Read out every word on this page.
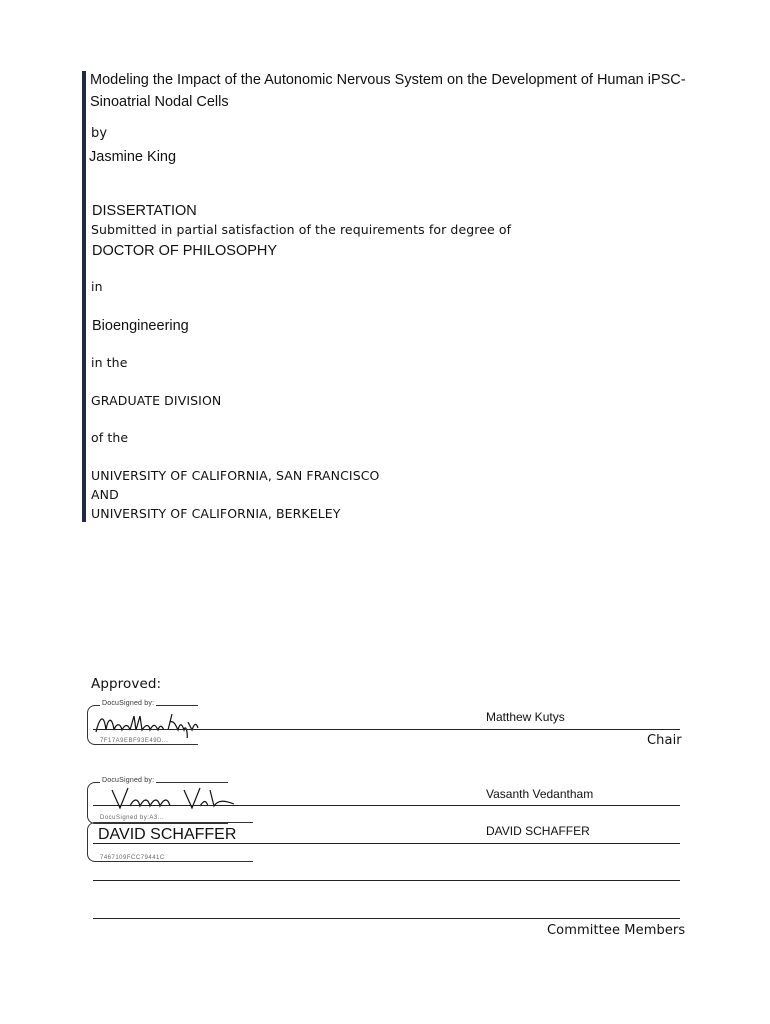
Modeling the Impact of the Autonomic Nervous System on the Development of Human iPSC-Sinoatrial Nodal Cells
by
Jasmine King
DISSERTATION
Submitted in partial satisfaction of the requirements for degree of
DOCTOR OF PHILOSOPHY
in
Bioengineering
in the
GRADUATE DIVISION
of the
UNIVERSITY OF CALIFORNIA, SAN FRANCISCO
AND
UNIVERSITY OF CALIFORNIA, BERKELEY
Approved:
DocuSigned by:
7F17A9EBF93E49D...
Matthew Kutys
Chair
DocuSigned by:
DocuSigned by:A3...
Vasanth Vedantham
DAVID SCHAFFER
7467109FCC79441C
DAVID SCHAFFER
Committee Members
